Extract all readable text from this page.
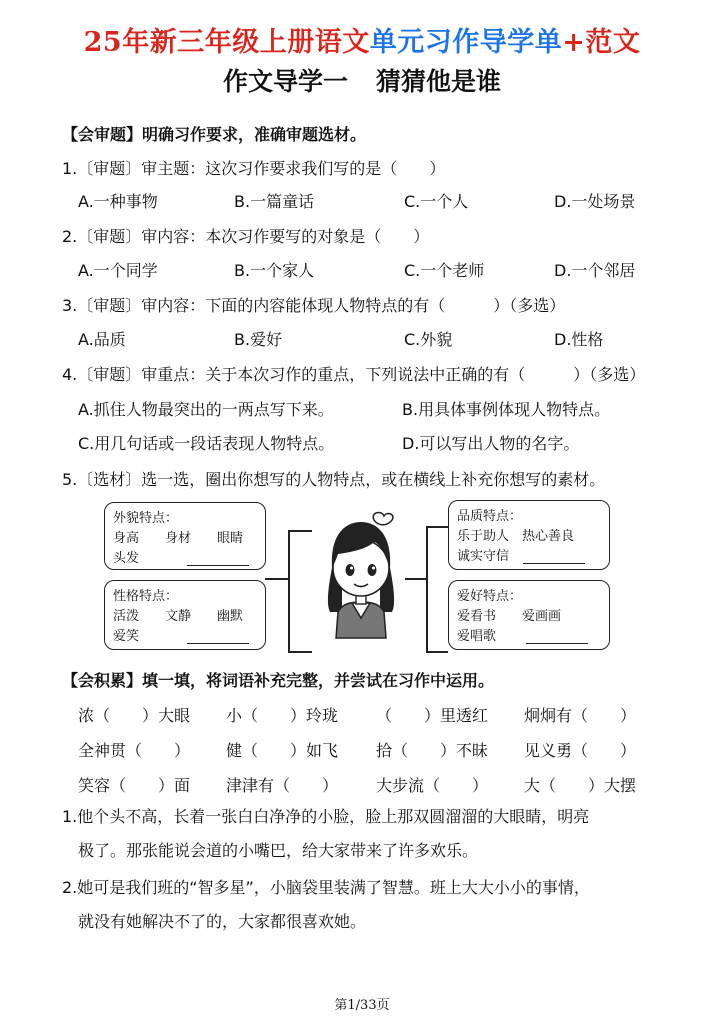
25年新三年级上册语文单元习作导学单+范文
作文导学一 猜猜他是谁
【会审题】明确习作要求，准确审题选材。
1.〔审题〕审主题：这次习作要求我们写的是（　　）
A.一种事物	B.一篇童话	C.一个人	D.一处场景
2.〔审题〕审内容：本次习作要写的对象是（　　）
A.一个同学	B.一个家人	C.一个老师	D.一个邻居
3.〔审题〕审内容：下面的内容能体现人物特点的有（　　　）（多选）
A.品质	B.爱好	C.外貌	D.性格
4.〔审题〕审重点：关于本次习作的重点，下列说法中正确的有（　　　）（多选）
A.抓住人物最突出的一两点写下来。	B.用具体事例体现人物特点。
C.用几句话或一段话表现人物特点。	D.可以写出人物的名字。
5.〔选材〕选一选，圈出你想写的人物特点，或在横线上补充你想写的素材。
外貌特点：
身高　　身材　　眼睛
头发
性格特点：
活泼　　文静　　幽默
爱笑
品质特点：
乐于助人　热心善良
诚实守信
爱好特点：
爱看书　　爱画画
爱唱歌
【会积累】填一填，将词语补充完整，并尝试在习作中运用。
浓（　　）大眼 小（　　）玲珑 （　　）里透红 炯炯有（　　）
全神贯（　　） 健（　　）如飞 拾（　　）不昧 见义勇（　　）
笑容（　　）面 津津有（　　） 大步流（　　） 大（　　）大摆
1.他个头不高，长着一张白白净净的小脸，脸上那双圆溜溜的大眼睛，明亮
极了。那张能说会道的小嘴巴，给大家带来了许多欢乐。
2.她可是我们班的“智多星”，小脑袋里装满了智慧。班上大大小小的事情，
就没有她解决不了的，大家都很喜欢她。
第1/33页
